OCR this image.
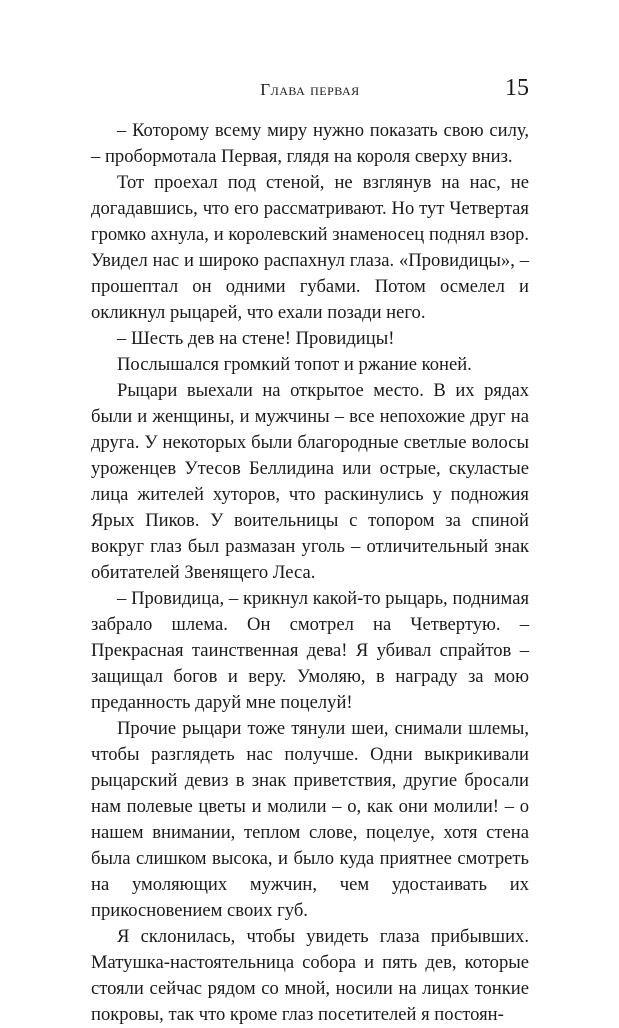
Глава первая	15

– Которому всему миру нужно показать свою силу, – пробормотала Первая, глядя на короля сверху вниз.

Тот проехал под стеной, не взглянув на нас, не догадавшись, что его рассматривают. Но тут Четвертая громко ахнула, и королевский знаменосец поднял взор. Увидел нас и широко распахнул глаза. «Провидицы», – прошептал он одними губами. Потом осмелел и окликнул рыцарей, что ехали позади него.

– Шесть дев на стене! Провидицы!

Послышался громкий топот и ржание коней.

Рыцари выехали на открытое место. В их рядах были и женщины, и мужчины – все непохожие друг на друга. У некоторых были благородные светлые волосы уроженцев Утесов Беллидина или острые, скуластые лица жителей хуторов, что раскинулись у подножия Ярых Пиков. У воительницы с топором за спиной вокруг глаз был размазан уголь – отличительный знак обитателей Звенящего Леса.

– Провидица, – крикнул какой-то рыцарь, поднимая забрало шлема. Он смотрел на Четвертую. – Прекрасная таинственная дева! Я убивал спрайтов – защищал богов и веру. Умоляю, в награду за мою преданность даруй мне поцелуй!

Прочие рыцари тоже тянули шеи, снимали шлемы, чтобы разглядеть нас получше. Одни выкрикивали рыцарский девиз в знак приветствия, другие бросали нам полевые цветы и молили – о, как они молили! – о нашем внимании, теплом слове, поцелуе, хотя стена была слишком высока, и было куда приятнее смотреть на умоляющих мужчин, чем удостаивать их прикосновением своих губ.

Я склонилась, чтобы увидеть глаза прибывших. Матушка-настоятельница собора и пять дев, которые стояли сейчас рядом со мной, носили на лицах тонкие покровы, так что кроме глаз посетителей я постоян-
